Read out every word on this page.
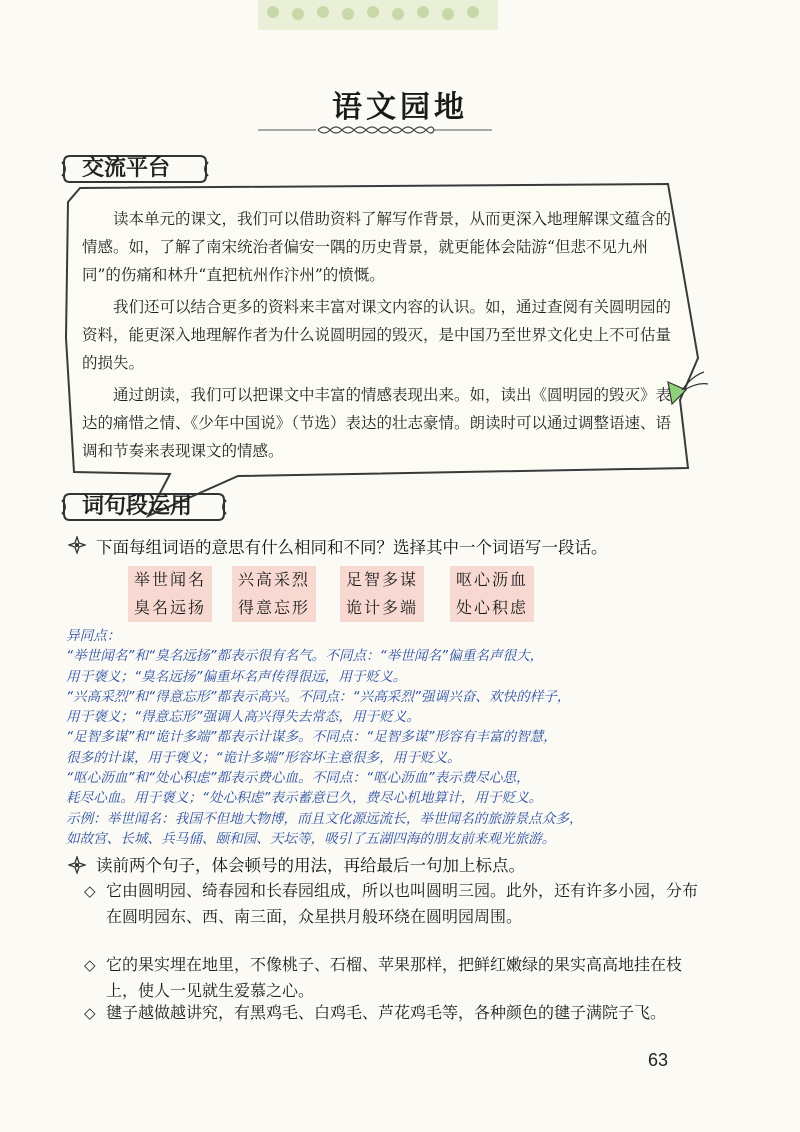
语文园地
交流平台

读本单元的课文，我们可以借助资料了解写作背景，从而更深入地理解课文蕴含的情感。如，了解了南宋统治者偏安一隅的历史背景，就更能体会陆游“但悲不见九州同”的伤痛和林升“直把杭州作汴州”的愤慨。

我们还可以结合更多的资料来丰富对课文内容的认识。如，通过查阅有关圆明园的资料，能更深入地理解作者为什么说圆明园的毁灭，是中国乃至世界文化史上不可估量的损失。

通过朗读，我们可以把课文中丰富的情感表现出来。如，读出《圆明园的毁灭》表达的痛惜之情、《少年中国说》（节选）表达的壮志豪情。朗读时可以通过调整语速、语调和节奏来表现课文的情感。

词句段运用
下面每组词语的意思有什么相同和不同？选择其中一个词语写一段话。
举世闻名
臭名远扬
兴高采烈
得意忘形
足智多谋
诡计多端
呕心沥血
处心积虑
异同点：
“举世闻名”和“臭名远扬”都表示很有名气。不同点：“举世闻名”偏重名声很大，
用于褒义；“臭名远扬”偏重坏名声传得很远，用于贬义。
“兴高采烈”和“得意忘形”都表示高兴。不同点：“兴高采烈”强调兴奋、欢快的样子，
用于褒义；“得意忘形”强调人高兴得失去常态，用于贬义。
“足智多谋”和“诡计多端”都表示计谋多。不同点：“足智多谋”形容有丰富的智慧，
很多的计谋，用于褒义；“诡计多端”形容坏主意很多，用于贬义。
“呕心沥血”和“处心积虑”都表示费心血。不同点：“呕心沥血”表示费尽心思，
耗尽心血。用于褒义；“处心积虑”表示蓄意已久，费尽心机地算计，用于贬义。
示例：举世闻名：我国不但地大物博，而且文化源远流长，举世闻名的旅游景点众多，
如故宫、长城、兵马俑、颐和园、天坛等，吸引了五湖四海的朋友前来观光旅游。
读前两个句子，体会顿号的用法，再给最后一句加上标点。
◇ 它由圆明园、绮春园和长春园组成，所以也叫圆明三园。此外，还有许多小园，分布在圆明园东、西、南三面，众星拱月般环绕在圆明园周围。
◇ 它的果实埋在地里，不像桃子、石榴、苹果那样，把鲜红嫩绿的果实高高地挂在枝上，使人一见就生爱慕之心。
◇ 毽子越做越讲究，有黑鸡毛、白鸡毛、芦花鸡毛等，各种颜色的毽子满院子飞。
63
